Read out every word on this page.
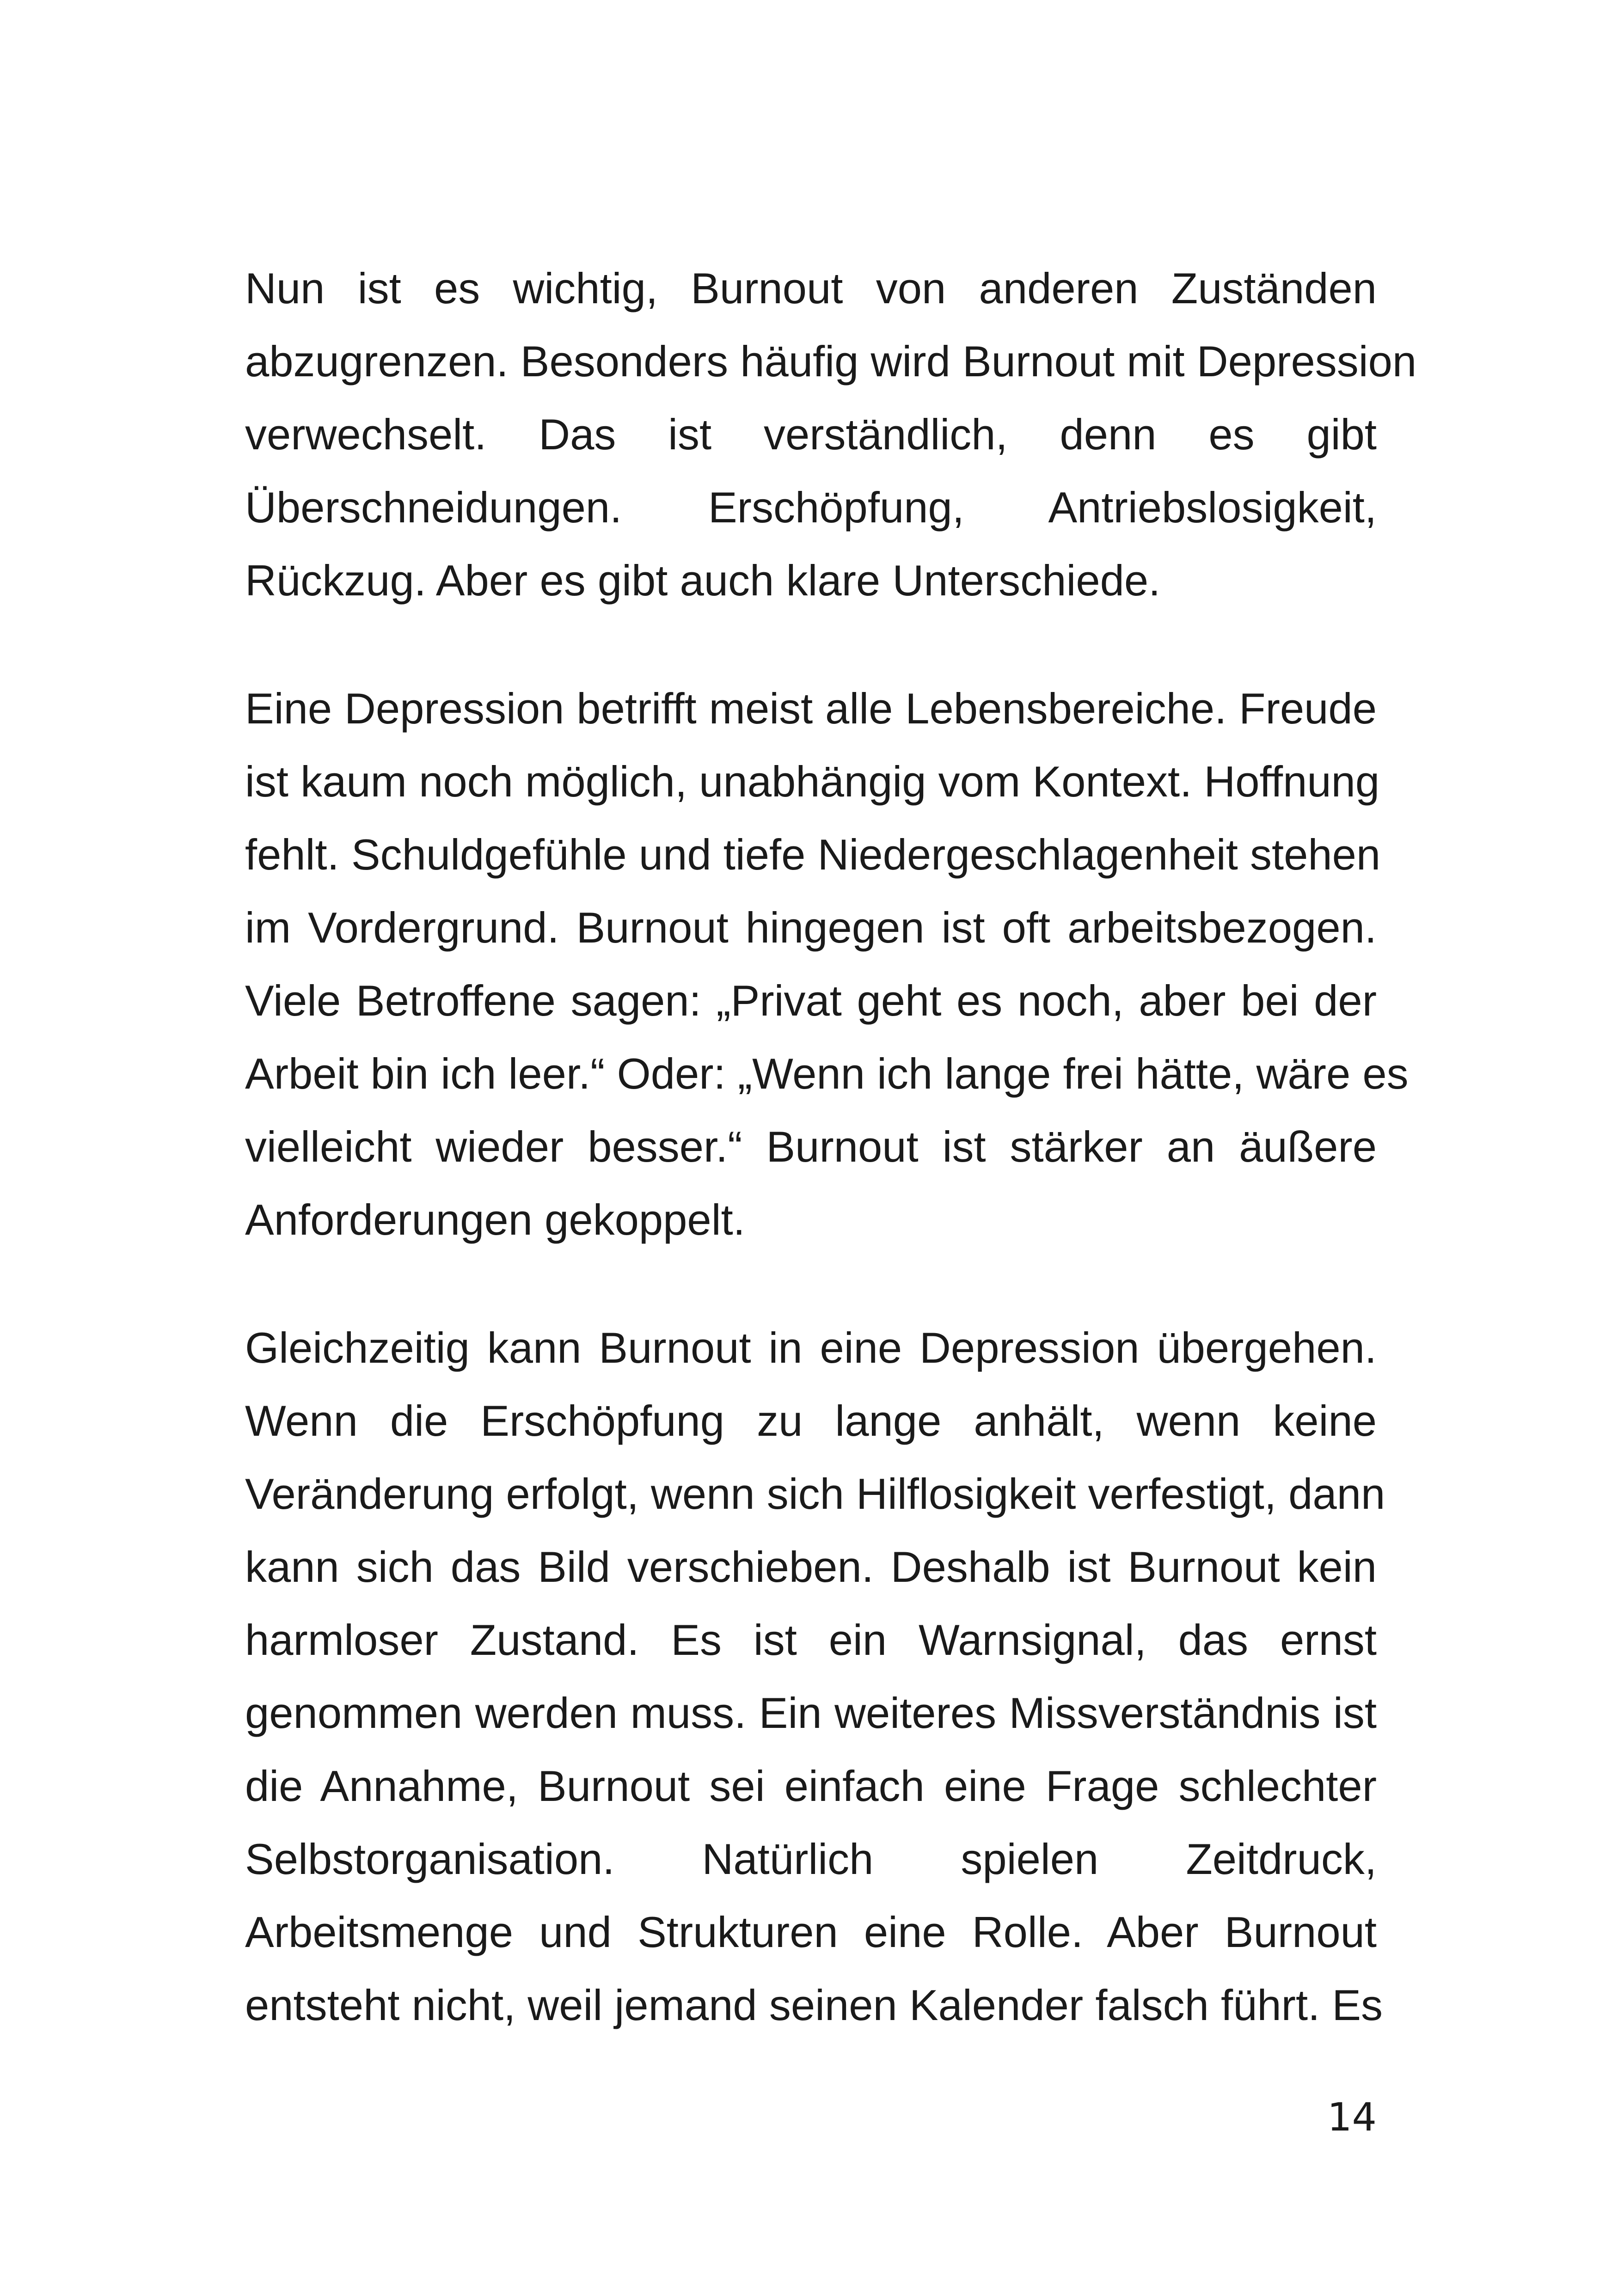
Nun ist es wichtig, Burnout von anderen Zuständen
abzugrenzen. Besonders häufig wird Burnout mit Depression
verwechselt. Das ist verständlich, denn es gibt
Überschneidungen. Erschöpfung, Antriebslosigkeit,
Rückzug. Aber es gibt auch klare Unterschiede.
Eine Depression betrifft meist alle Lebensbereiche. Freude
ist kaum noch möglich, unabhängig vom Kontext. Hoffnung
fehlt. Schuldgefühle und tiefe Niedergeschlagenheit stehen
im Vordergrund. Burnout hingegen ist oft arbeitsbezogen.
Viele Betroffene sagen: „Privat geht es noch, aber bei der
Arbeit bin ich leer.“ Oder: „Wenn ich lange frei hätte, wäre es
vielleicht wieder besser.“ Burnout ist stärker an äußere
Anforderungen gekoppelt.
Gleichzeitig kann Burnout in eine Depression übergehen.
Wenn die Erschöpfung zu lange anhält, wenn keine
Veränderung erfolgt, wenn sich Hilflosigkeit verfestigt, dann
kann sich das Bild verschieben. Deshalb ist Burnout kein
harmloser Zustand. Es ist ein Warnsignal, das ernst
genommen werden muss. Ein weiteres Missverständnis ist
die Annahme, Burnout sei einfach eine Frage schlechter
Selbstorganisation. Natürlich spielen Zeitdruck,
Arbeitsmenge und Strukturen eine Rolle. Aber Burnout
entsteht nicht, weil jemand seinen Kalender falsch führt. Es
14
